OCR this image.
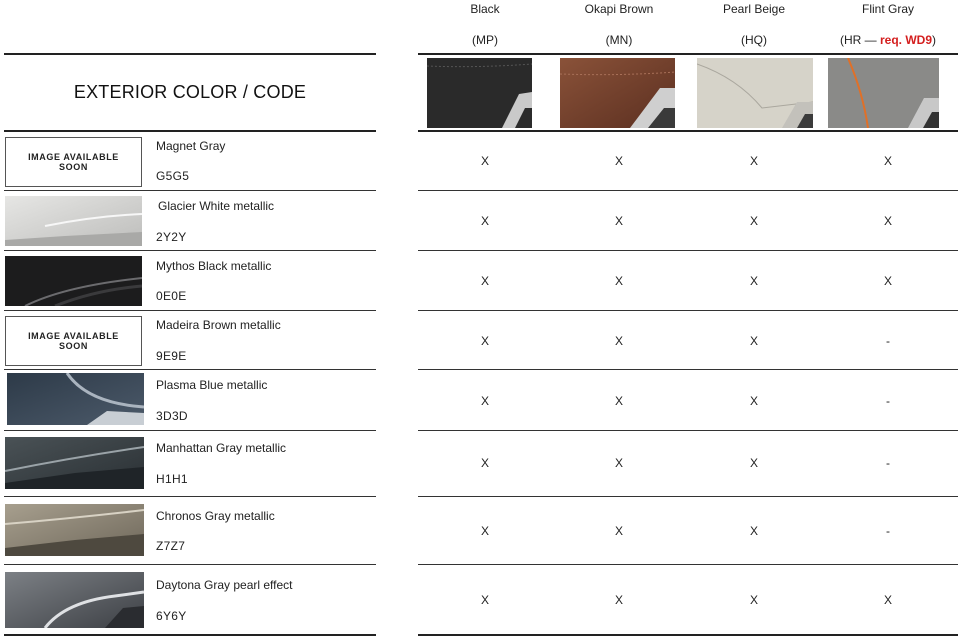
Black	Okapi Brown	Pearl Beige	Flint Gray
(MP)	(MN)	(HQ)	(HR — req. WD9)
EXTERIOR COLOR / CODE
IMAGE AVAILABLE
SOON
Magnet Gray
G5G5
X	X	X	X
Glacier White metallic
2Y2Y
X	X	X	X
Mythos Black metallic
0E0E
X	X	X	X
IMAGE AVAILABLE
SOON
Madeira Brown metallic
9E9E
X	X	X	-
Plasma Blue metallic
3D3D
X	X	X	-
Manhattan Gray metallic
H1H1
X	X	X	-
Chronos Gray metallic
Z7Z7
X	X	X	-
Daytona Gray pearl effect
6Y6Y
X	X	X	X
